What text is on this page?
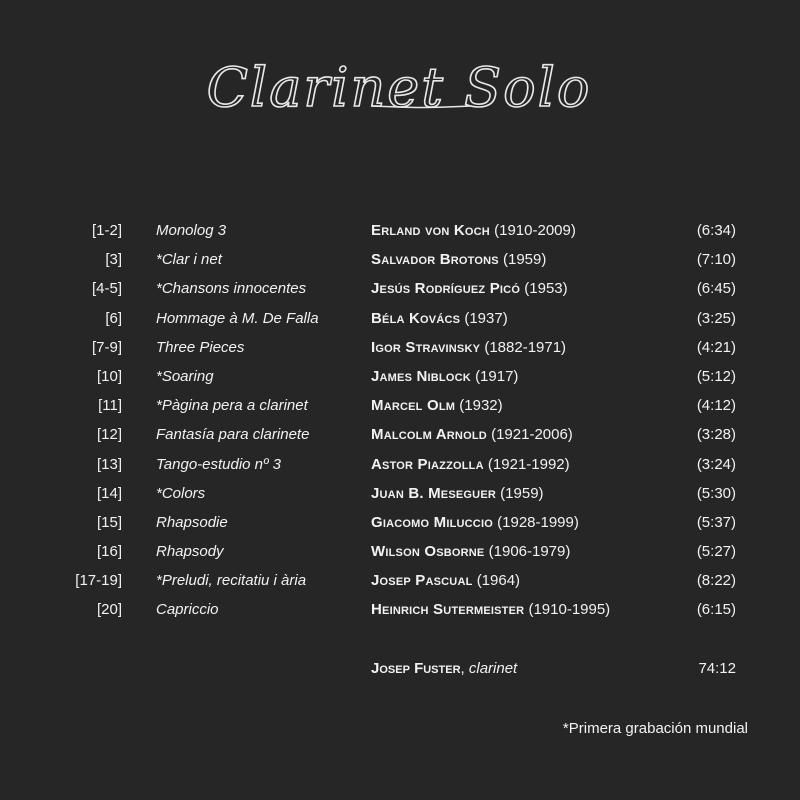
Clarinet Solo
[1-2] Monolog 3	Erland von Koch (1910-2009)	(6:34)
[3] *Clar i net	Salvador Brotons (1959)	(7:10)
[4-5] *Chansons innocentes	Jesús Rodríguez Picó (1953)	(6:45)
[6] Hommage à M. De Falla	Béla Kovács (1937)	(3:25)
[7-9] Three Pieces	Igor Stravinsky (1882-1971)	(4:21)
[10] *Soaring	James Niblock (1917)	(5:12)
[11] *Pàgina pera a clarinet	Marcel Olm (1932)	(4:12)
[12] Fantasía para clarinete	Malcolm Arnold (1921-2006)	(3:28)
[13] Tango-estudio nº 3	Astor Piazzolla (1921-1992)	(3:24)
[14] *Colors	Juan B. Meseguer (1959)	(5:30)
[15] Rhapsodie	Giacomo Miluccio (1928-1999)	(5:37)
[16] Rhapsody	Wilson Osborne (1906-1979)	(5:27)
[17-19] *Preludi, recitatiu i ària	Josep Pascual (1964)	(8:22)
[20] Capriccio	Heinrich Sutermeister (1910-1995)	(6:15)
Josep Fuster, clarinet	74:12
*Primera grabación mundial
